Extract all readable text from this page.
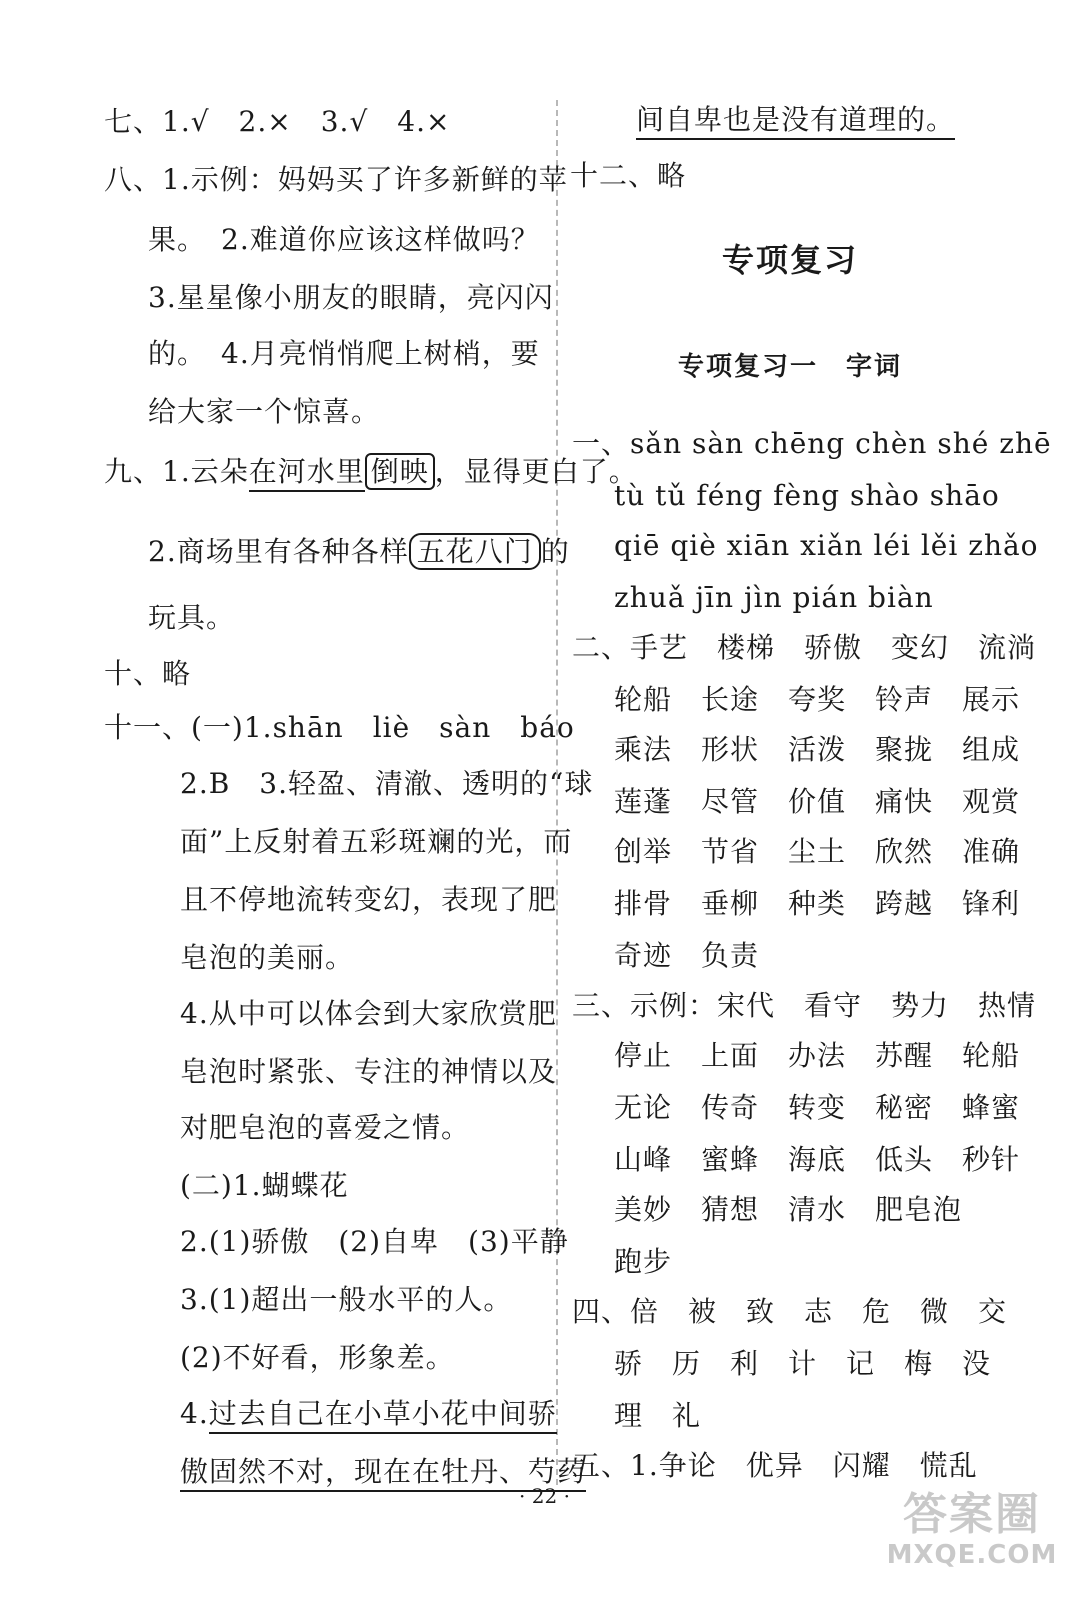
七、1.√　2.×　3.√　4.×
八、1.示例：妈妈买了许多新鲜的苹
果。　2.难道你应该这样做吗？
3.星星像小朋友的眼睛，亮闪闪
的。　4.月亮悄悄爬上树梢，要
给大家一个惊喜。
九、1.云朵在河水里 倒映 ，显得更白了。
2.商场里有各种各样 五花八门 的
玩具。
十、略
十一、(一)1.shān　liè　sàn　báo
2.B　3.轻盈、清澈、透明的“球
面”上反射着五彩斑斓的光，而
且不停地流转变幻，表现了肥
皂泡的美丽。
4.从中可以体会到大家欣赏肥
皂泡时紧张、专注的神情以及
对肥皂泡的喜爱之情。
(二)1.蝴蝶花
2.(1)骄傲　(2)自卑　(3)平静
3.(1)超出一般水平的人。
(2)不好看，形象差。
4.过去自己在小草小花中间骄
傲固然不对，现在在牡丹、芍药
间自卑也是没有道理的。
十二、略
专项复习
专项复习一　字词
一、sǎn sàn chēng chèn shé zhē
tù tǔ féng fèng shào shāo
qiē qiè xiān xiǎn léi lěi zhǎo
zhuǎ jīn jìn pián biàn
二、手艺　楼梯　骄傲　变幻　流淌
轮船　长途　夸奖　铃声　展示
乘法　形状　活泼　聚拢　组成
莲蓬　尽管　价值　痛快　观赏
创举　节省　尘土　欣然　准确
排骨　垂柳　种类　跨越　锋利
奇迹　负责
三、示例：宋代　看守　势力　热情
停止　上面　办法　苏醒　轮船
无论　传奇　转变　秘密　蜂蜜
山峰　蜜蜂　海底　低头　秒针
美妙　猜想　清水　肥皂泡
跑步
四、倍　被　致　志　危　微　交
骄　历　利　计　记　梅　没
理　礼
五、1.争论　优异　闪耀　慌乱
· 22 ·	答案圈
MXQE.COM
